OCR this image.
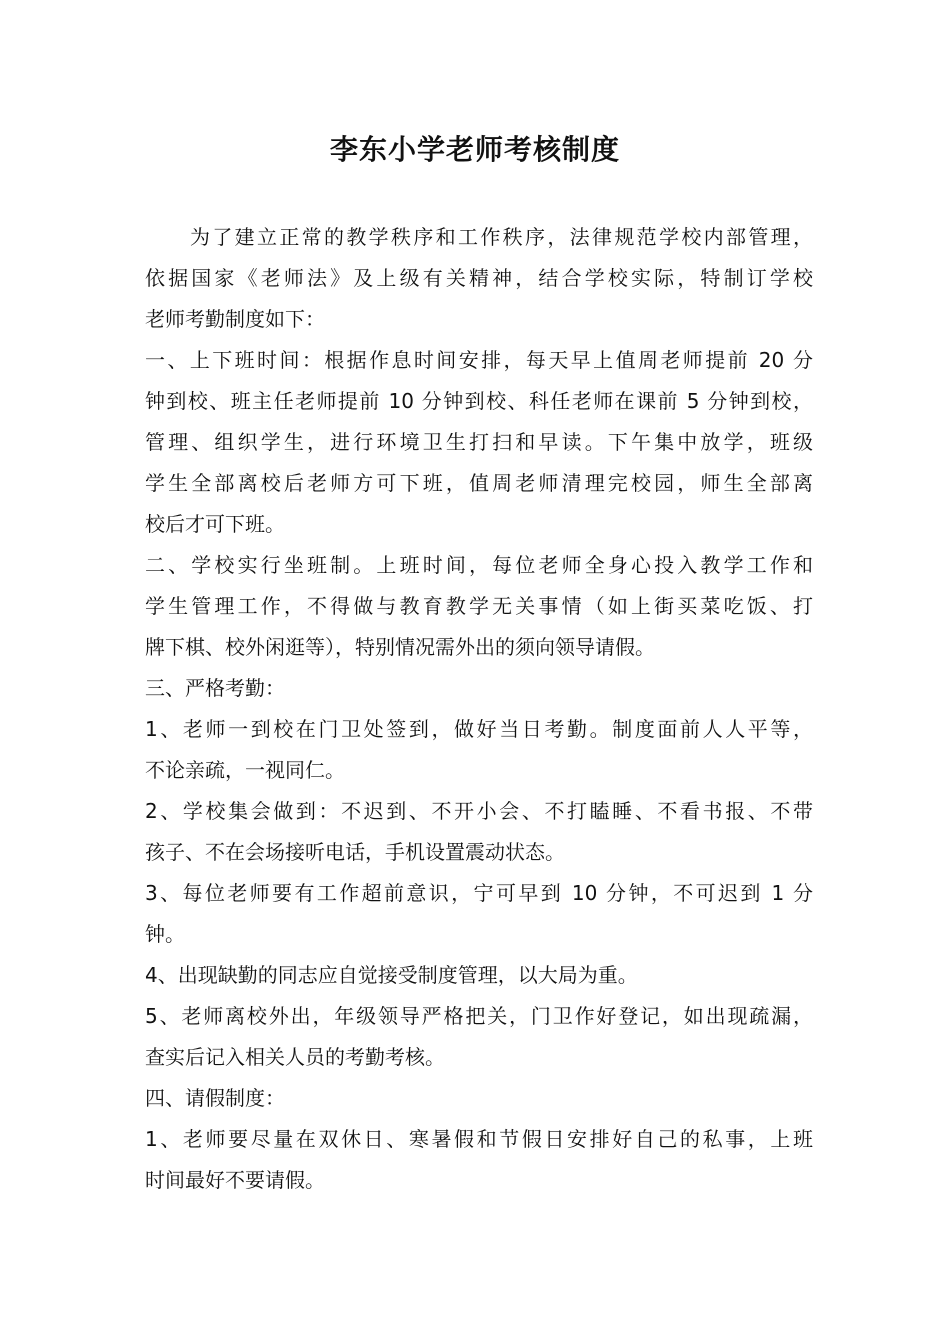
李东小学老师考核制度
为了建立正常的教学秩序和工作秩序，法律规范学校内部管理，
依据国家《老师法》及上级有关精神，结合学校实际，特制订学校
老师考勤制度如下：
一、上下班时间：根据作息时间安排，每天早上值周老师提前 20 分
钟到校、班主任老师提前 10 分钟到校、科任老师在课前 5 分钟到校，
管理、组织学生，进行环境卫生打扫和早读。下午集中放学，班级
学生全部离校后老师方可下班，值周老师清理完校园，师生全部离
校后才可下班。
二、学校实行坐班制。上班时间，每位老师全身心投入教学工作和
学生管理工作，不得做与教育教学无关事情（如上街买菜吃饭、打
牌下棋、校外闲逛等），特别情况需外出的须向领导请假。
三、严格考勤：
1、老师一到校在门卫处签到，做好当日考勤。制度面前人人平等，
不论亲疏，一视同仁。
2、学校集会做到：不迟到、不开小会、不打瞌睡、不看书报、不带
孩子、不在会场接听电话，手机设置震动状态。
3、每位老师要有工作超前意识，宁可早到 10 分钟，不可迟到 1 分
钟。
4、出现缺勤的同志应自觉接受制度管理，以大局为重。
5、老师离校外出，年级领导严格把关，门卫作好登记，如出现疏漏，
查实后记入相关人员的考勤考核。
四、请假制度：
1、老师要尽量在双休日、寒暑假和节假日安排好自己的私事，上班
时间最好不要请假。
